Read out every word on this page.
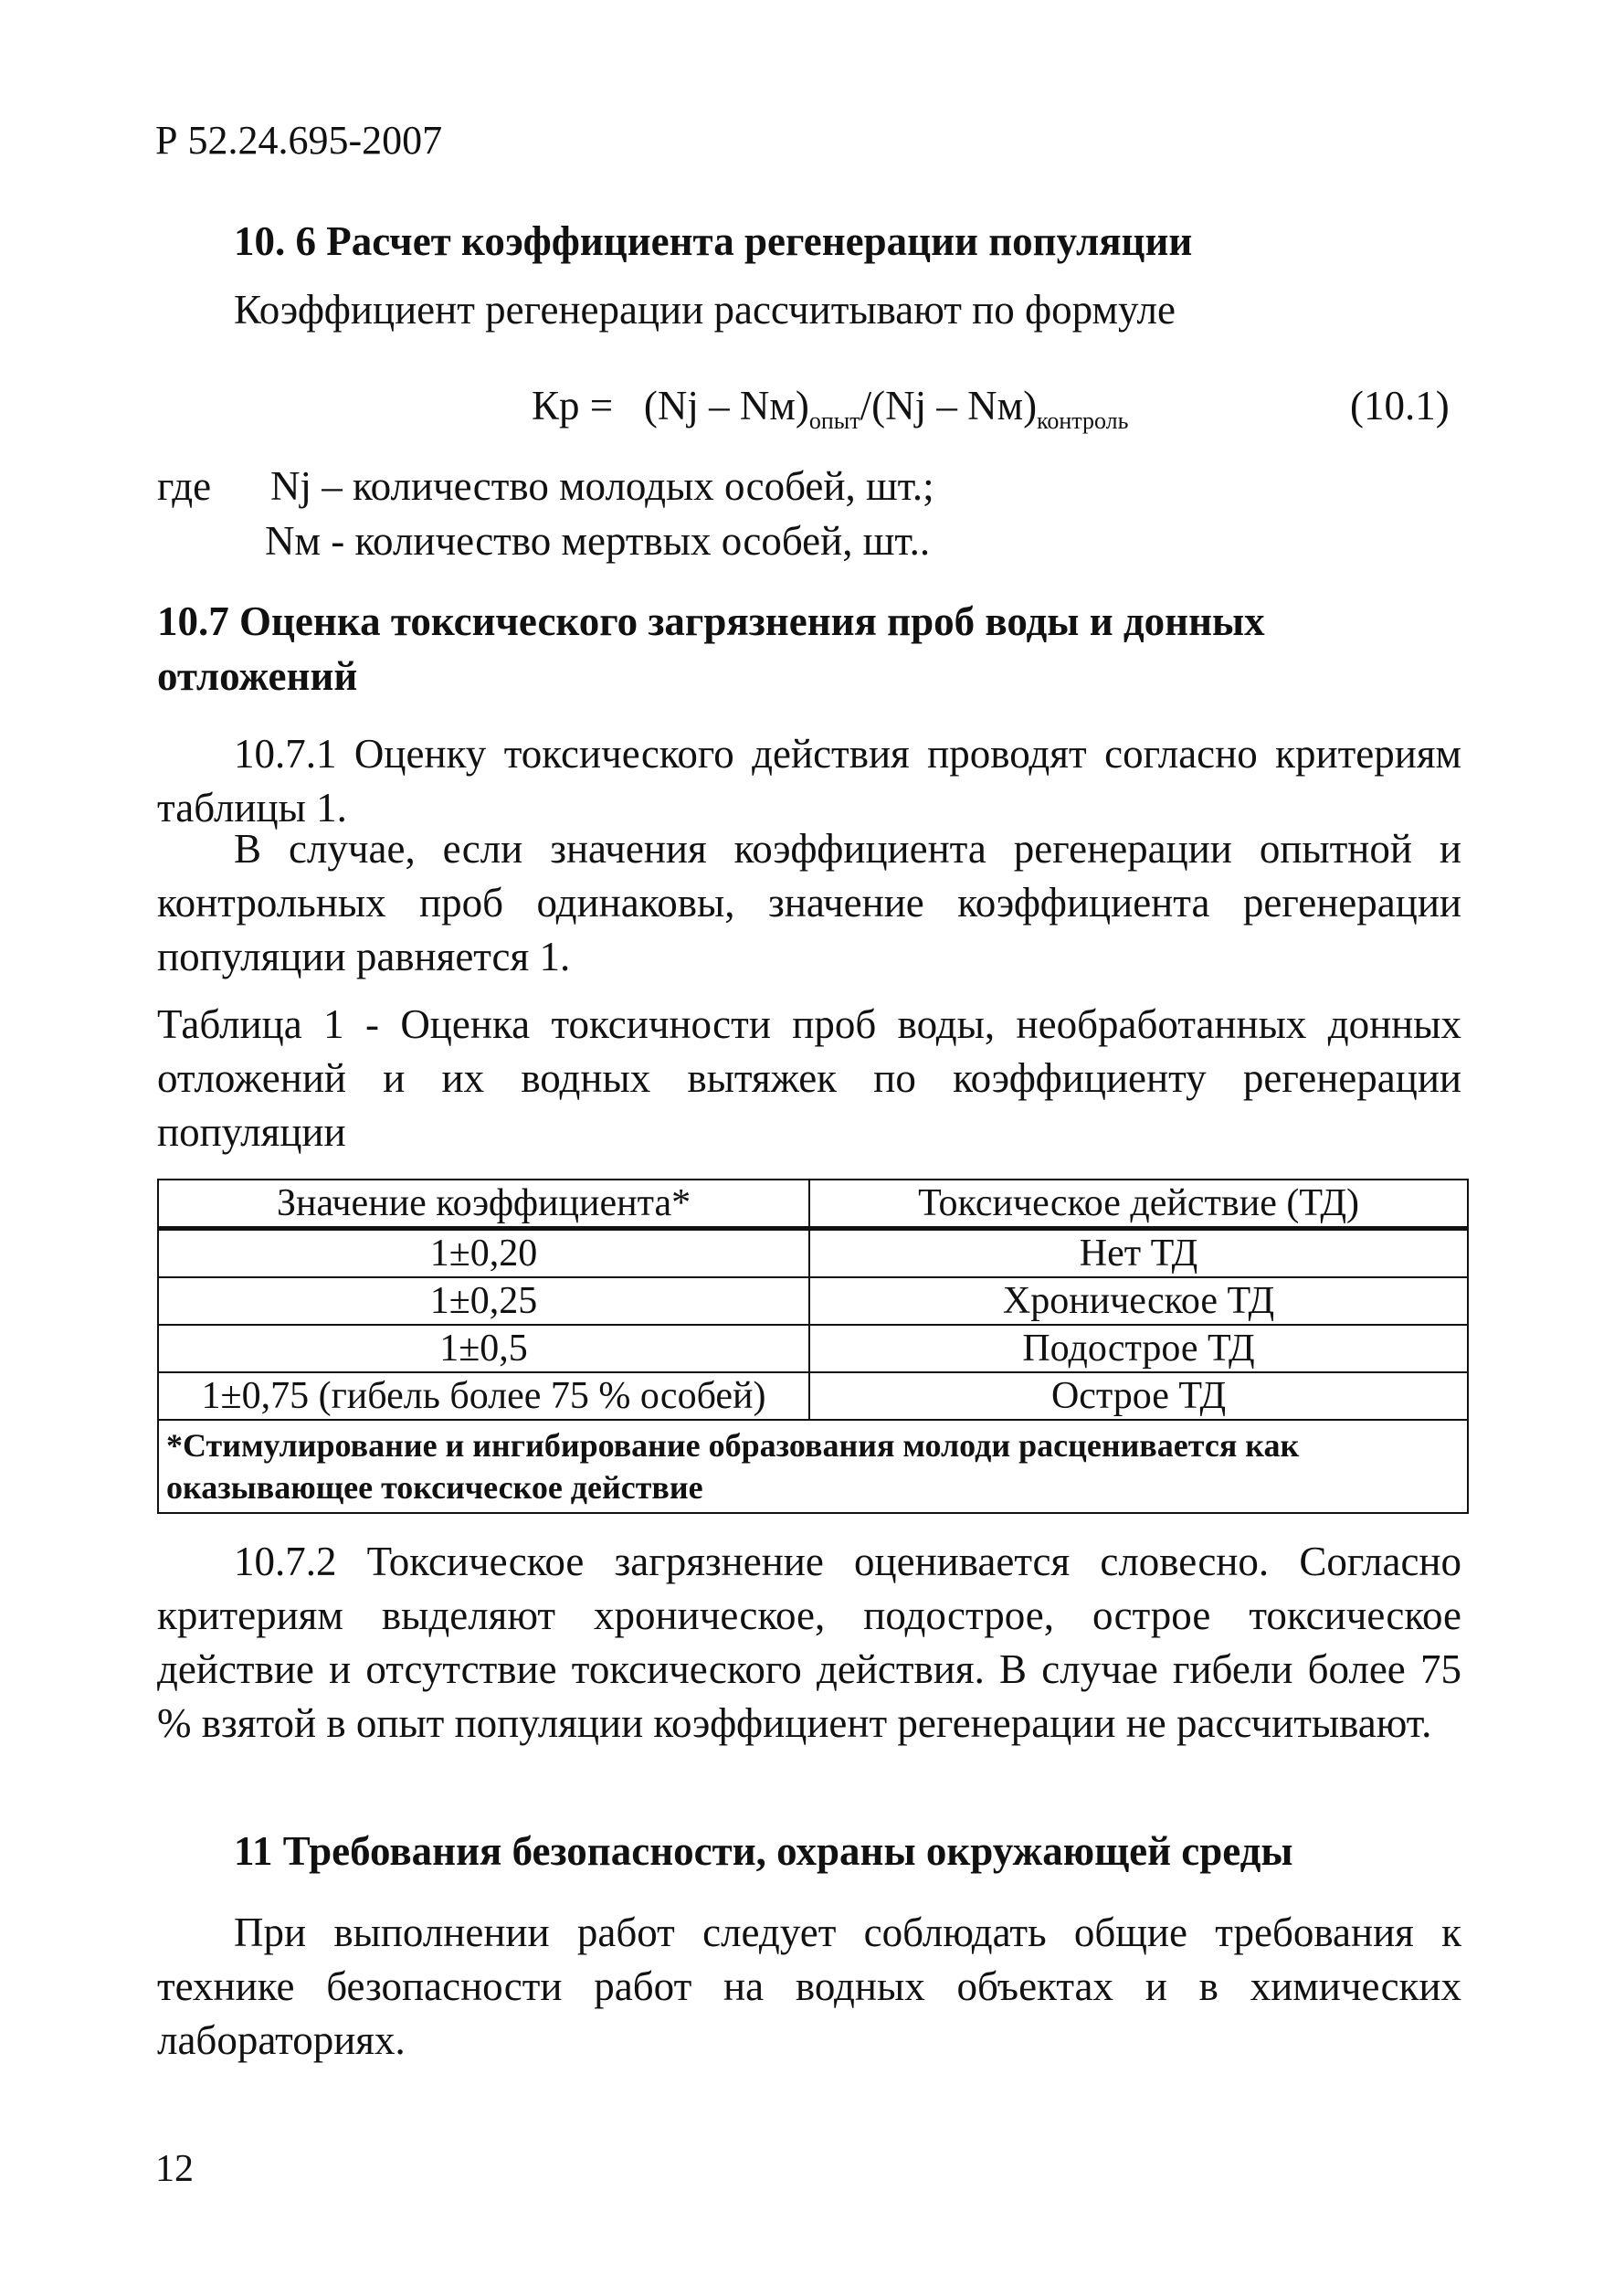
Р 52.24.695-2007
10. 6 Расчет коэффициента регенерации популяции
Коэффициент регенерации рассчитывают по формуле
Кр = $(Nj - Nм)_{опыт}/(Nj - Nм)_{контроль}$	(10.1)
где Nj – количество молодых особей, шт.;
Nм - количество мертвых особей, шт..
10.7 Оценка токсического загрязнения проб воды и донных отложений
10.7.1 Оценку токсического действия проводят согласно критериям таблицы 1.
В случае, если значения коэффициента регенерации опытной и контрольных проб одинаковы, значение коэффициента регенерации популяции равняется 1.
Таблица 1 - Оценка токсичности проб воды, необработанных донных отложений и их водных вытяжек по коэффициенту регенерации популяции
Значение коэффициента*	Токсическое действие (ТД)
1±0,20	Нет ТД
1±0,25	Хроническое ТД
1±0,5	Подострое ТД
1±0,75 (гибель более 75 % особей)	Острое ТД
*Стимулирование и ингибирование образования молоди расценивается как оказывающее токсическое действие	
10.7.2 Токсическое загрязнение оценивается словесно. Согласно критериям выделяют хроническое, подострое, острое токсическое действие и отсутствие токсического действия. В случае гибели более 75 % взятой в опыт популяции коэффициент регенерации не рассчитывают.
11 Требования безопасности, охраны окружающей среды
При выполнении работ следует соблюдать общие требования к технике безопасности работ на водных объектах и в химических лабораториях.
12
